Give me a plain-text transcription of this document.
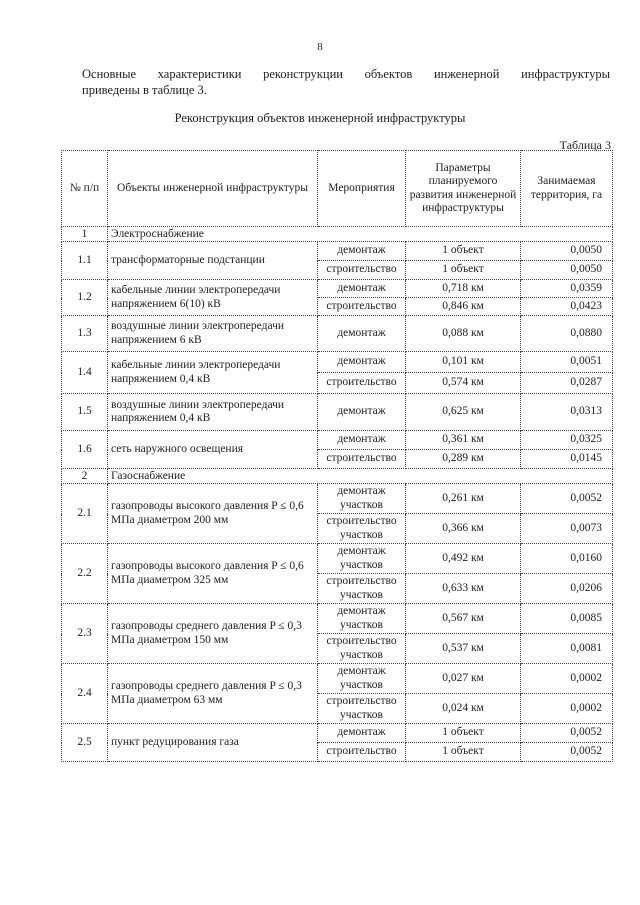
8
Основные характеристики реконструкции объектов инженерной инфраструктуры
приведены в таблице 3.
Реконструкция объектов инженерной инфраструктуры
Таблица 3
№ п/п	Объекты инженерной инфраструктуры	Мероприятия	Параметры планируемого развития инженерной инфраструктуры	Занимаемая территория, га
1	Электроснабжение			
1.1	трансформаторные подстанции	демонтаж	1 объект	0,0050
		строительство	1 объект	0,0050
1.2	кабельные линии электропередачи напряжением 6(10) кВ	демонтаж	0,718 км	0,0359
		строительство	0,846 км	0,0423
1.3	воздушные линии электропередачи напряжением 6 кВ	демонтаж	0,088 км	0,0880
1.4	кабельные линии электропередачи напряжением 0,4 кВ	демонтаж	0,101 км	0,0051
		строительство	0,574 км	0,0287
1.5	воздушные линии электропередачи напряжением 0,4 кВ	демонтаж	0,625 км	0,0313
1.6	сеть наружного освещения	демонтаж	0,361 км	0,0325
		строительство	0,289 км	0,0145
2	Газоснабжение			
2.1	газопроводы высокого давления P ≤ 0,6 МПа диаметром 200 мм	демонтаж участков	0,261 км	0,0052
		строительство участков	0,366 км	0,0073
2.2	газопроводы высокого давления P ≤ 0,6 МПа диаметром 325 мм	демонтаж участков	0,492 км	0,0160
		строительство участков	0,633 км	0,0206
2.3	газопроводы среднего давления P ≤ 0,3 МПа диаметром 150 мм	демонтаж участков	0,567 км	0,0085
		строительство участков	0,537 км	0,0081
2.4	газопроводы среднего давления P ≤ 0,3 МПа диаметром 63 мм	демонтаж участков	0,027 км	0,0002
		строительство участков	0,024 км	0,0002
2.5	пункт редуцирования газа	демонтаж	1 объект	0,0052
		строительство	1 объект	0,0052
